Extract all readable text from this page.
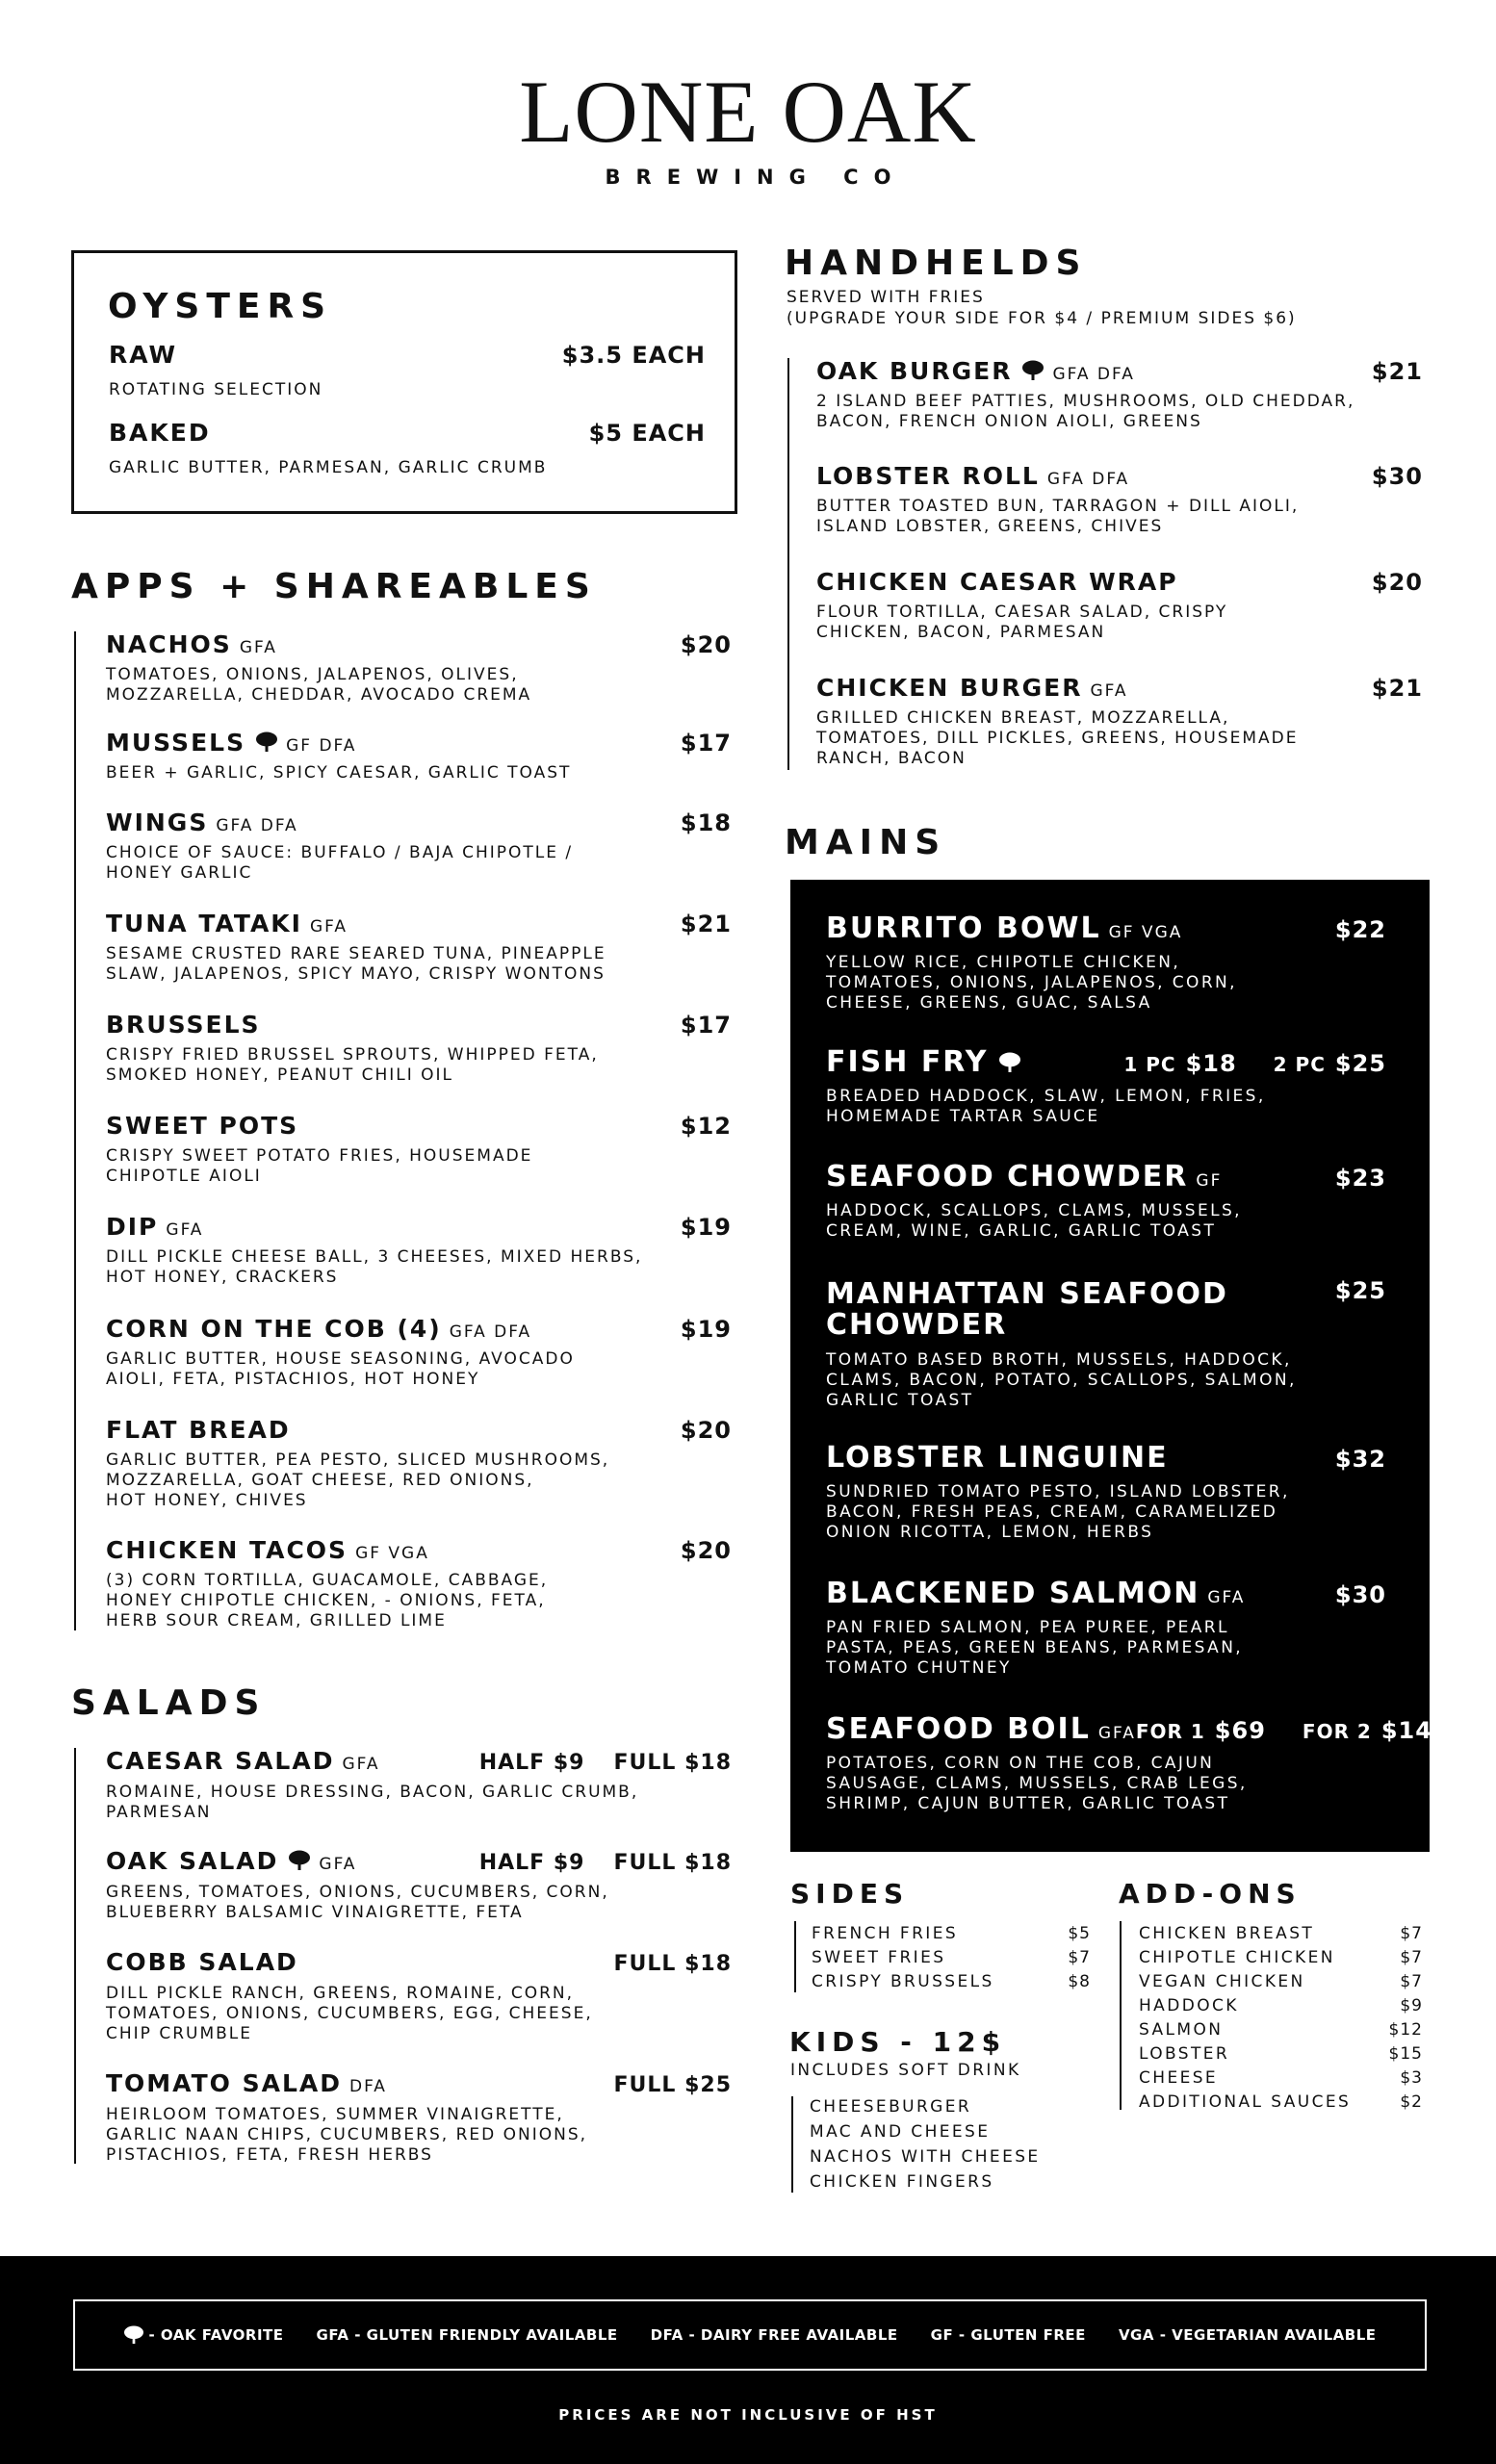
LONE OAK
BREWING CO
OYSTERS
RAW	$3.5 EACH
ROTATING SELECTION
BAKED	$5 EACH
GARLIC BUTTER, PARMESAN, GARLIC CRUMB
APPS + SHAREABLES
NACHOS GFA	$20
TOMATOES, ONIONS, JALAPENOS, OLIVES,
MOZZARELLA, CHEDDAR, AVOCADO CREMA
MUSSELS GF DFA	$17
BEER + GARLIC, SPICY CAESAR, GARLIC TOAST
WINGS GFA DFA	$18
CHOICE OF SAUCE: BUFFALO / BAJA CHIPOTLE /
HONEY GARLIC
TUNA TATAKI GFA	$21
SESAME CRUSTED RARE SEARED TUNA, PINEAPPLE
SLAW, JALAPENOS, SPICY MAYO, CRISPY WONTONS
BRUSSELS	$17
CRISPY FRIED BRUSSEL SPROUTS, WHIPPED FETA,
SMOKED HONEY, PEANUT CHILI OIL
SWEET POTS	$12
CRISPY SWEET POTATO FRIES, HOUSEMADE
CHIPOTLE AIOLI
DIP GFA	$19
DILL PICKLE CHEESE BALL, 3 CHEESES, MIXED HERBS,
HOT HONEY, CRACKERS
CORN ON THE COB (4) GFA DFA	$19
GARLIC BUTTER, HOUSE SEASONING, AVOCADO
AIOLI, FETA, PISTACHIOS, HOT HONEY
FLAT BREAD	$20
GARLIC BUTTER, PEA PESTO, SLICED MUSHROOMS,
MOZZARELLA, GOAT CHEESE, RED ONIONS,
HOT HONEY, CHIVES
CHICKEN TACOS GF VGA	$20
(3) CORN TORTILLA, GUACAMOLE, CABBAGE,
HONEY CHIPOTLE CHICKEN, - ONIONS, FETA,
HERB SOUR CREAM, GRILLED LIME
SALADS
CAESAR SALAD GFA	HALF $9 FULL $18
ROMAINE, HOUSE DRESSING, BACON, GARLIC CRUMB,
PARMESAN
OAK SALAD GFA	HALF $9 FULL $18
GREENS, TOMATOES, ONIONS, CUCUMBERS, CORN,
BLUEBERRY BALSAMIC VINAIGRETTE, FETA
COBB SALAD	FULL $18
DILL PICKLE RANCH, GREENS, ROMAINE, CORN,
TOMATOES, ONIONS, CUCUMBERS, EGG, CHEESE,
CHIP CRUMBLE
TOMATO SALAD DFA	FULL $25
HEIRLOOM TOMATOES, SUMMER VINAIGRETTE,
GARLIC NAAN CHIPS, CUCUMBERS, RED ONIONS,
PISTACHIOS, FETA, FRESH HERBS
HANDHELDS
SERVED WITH FRIES
(UPGRADE YOUR SIDE FOR $4 / PREMIUM SIDES $6)
OAK BURGER GFA DFA	$21
2 ISLAND BEEF PATTIES, MUSHROOMS, OLD CHEDDAR,
BACON, FRENCH ONION AIOLI, GREENS
LOBSTER ROLL GFA DFA	$30
BUTTER TOASTED BUN, TARRAGON + DILL AIOLI,
ISLAND LOBSTER, GREENS, CHIVES
CHICKEN CAESAR WRAP	$20
FLOUR TORTILLA, CAESAR SALAD, CRISPY
CHICKEN, BACON, PARMESAN
CHICKEN BURGER GFA	$21
GRILLED CHICKEN BREAST, MOZZARELLA,
TOMATOES, DILL PICKLES, GREENS, HOUSEMADE
RANCH, BACON
MAINS
BURRITO BOWL GF VGA	$22
YELLOW RICE, CHIPOTLE CHICKEN,
TOMATOES, ONIONS, JALAPENOS, CORN,
CHEESE, GREENS, GUAC, SALSA
FISH FRY	1 PC $18 2 PC $25
BREADED HADDOCK, SLAW, LEMON, FRIES,
HOMEMADE TARTAR SAUCE
SEAFOOD CHOWDER GF	$23
HADDOCK, SCALLOPS, CLAMS, MUSSELS,
CREAM, WINE, GARLIC, GARLIC TOAST
MANHATTAN SEAFOOD
CHOWDER
$25
TOMATO BASED BROTH, MUSSELS, HADDOCK,
CLAMS, BACON, POTATO, SCALLOPS, SALMON,
GARLIC TOAST
LOBSTER LINGUINE	$32
SUNDRIED TOMATO PESTO, ISLAND LOBSTER,
BACON, FRESH PEAS, CREAM, CARAMELIZED
ONION RICOTTA, LEMON, HERBS
BLACKENED SALMON GFA	$30
PAN FRIED SALMON, PEA PUREE, PEARL
PASTA, PEAS, GREEN BEANS, PARMESAN,
TOMATO CHUTNEY
SEAFOOD BOIL GFA FOR 1 $69 FOR 2 $145
POTATOES, CORN ON THE COB, CAJUN
SAUSAGE, CLAMS, MUSSELS, CRAB LEGS,
SHRIMP, CAJUN BUTTER, GARLIC TOAST
SIDES
FRENCH FRIES	$5
SWEET FRIES	$7
CRISPY BRUSSELS	$8
KIDS - 12$
INCLUDES SOFT DRINK
CHEESEBURGER
MAC AND CHEESE
NACHOS WITH CHEESE
CHICKEN FINGERS
ADD-ONS
CHICKEN BREAST	$7
CHIPOTLE CHICKEN	$7
VEGAN CHICKEN	$7
HADDOCK	$9
SALMON	$12
LOBSTER	$15
CHEESE	$3
ADDITIONAL SAUCES	$2
- OAK FAVORITE GFA - GLUTEN FRIENDLY AVAILABLE DFA - DAIRY FREE AVAILABLE GF - GLUTEN FREE VGA - VEGETARIAN AVAILABLE
PRICES ARE NOT INCLUSIVE OF HST
